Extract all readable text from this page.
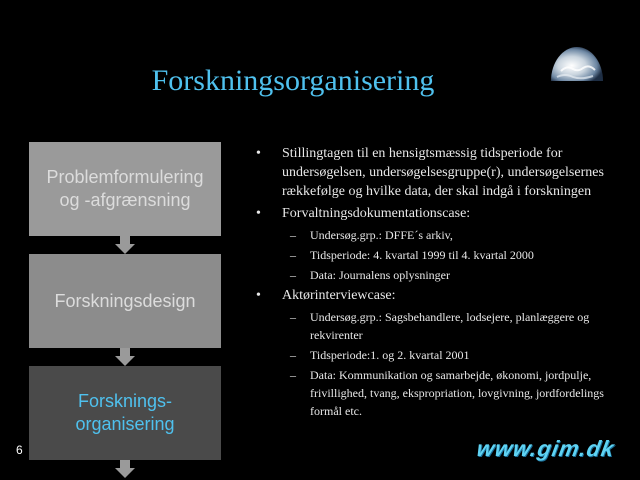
Forskningsorganisering
Problemformulering
og -afgrænsning
Forskningsdesign
Forsknings-
organisering
• Stillingtagen til en hensigtsmæssig tidsperiode for undersøgelsen, undersøgelsesgruppe(r), undersøgelsernes rækkefølge og hvilke data, der skal indgå i forskningen
• Forvaltningsdokumentationscase:
– Undersøg.grp.: DFFE´s arkiv,
– Tidsperiode: 4. kvartal 1999 til 4. kvartal 2000
– Data: Journalens oplysninger
• Aktørinterviewcase:
– Undersøg.grp.: Sagsbehandlere, lodsejere, planlæggere og rekvirenter
– Tidsperiode:1. og 2. kvartal 2001
– Data: Kommunikation og samarbejde, økonomi, jordpulje, frivillighed, tvang, ekspropriation, lovgivning, jordfordelings formål etc.
6	www.gim.dk
